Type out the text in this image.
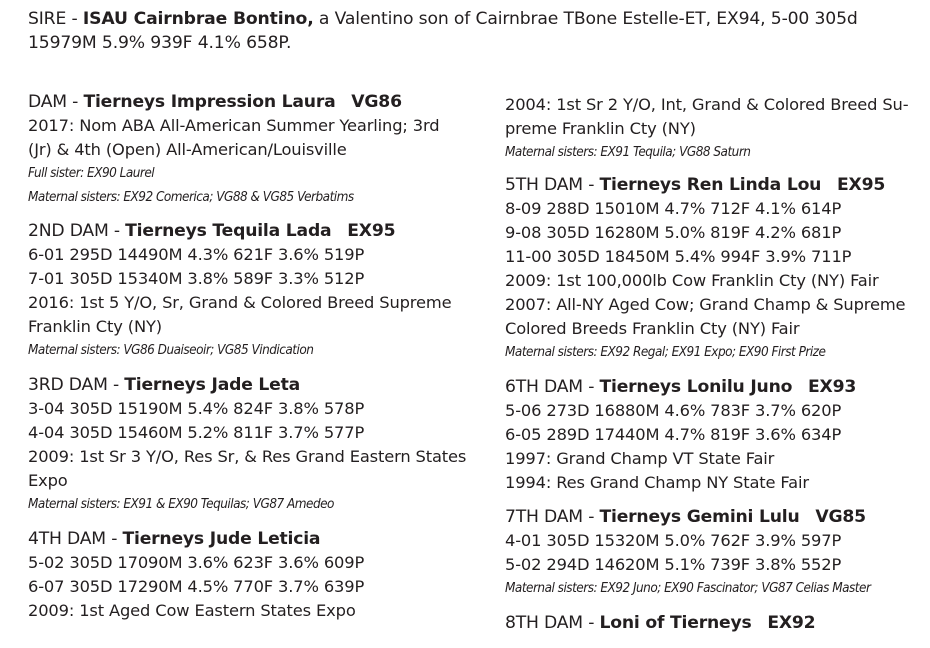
SIRE - ISAU Cairnbrae Bontino, a Valentino son of Cairnbrae TBone Estelle-ET, EX94, 5-00 305d
15979M 5.9% 939F 4.1% 658P.
DAM - Tierneys Impression Laura VG86
2017: Nom ABA All-American Summer Yearling; 3rd
(Jr) & 4th (Open) All-American/Louisville
Full sister: EX90 Laurel
Maternal sisters: EX92 Comerica; VG88 & VG85 Verbatims
2ND DAM - Tierneys Tequila Lada EX95
6-01 295D 14490M 4.3% 621F 3.6% 519P
7-01 305D 15340M 3.8% 589F 3.3% 512P
2016: 1st 5 Y/O, Sr, Grand & Colored Breed Supreme
Franklin Cty (NY)
Maternal sisters: VG86 Duaiseoir; VG85 Vindication
3RD DAM - Tierneys Jade Leta
3-04 305D 15190M 5.4% 824F 3.8% 578P
4-04 305D 15460M 5.2% 811F 3.7% 577P
2009: 1st Sr 3 Y/O, Res Sr, & Res Grand Eastern States
Expo
Maternal sisters: EX91 & EX90 Tequilas; VG87 Amedeo
4TH DAM - Tierneys Jude Leticia
5-02 305D 17090M 3.6% 623F 3.6% 609P
6-07 305D 17290M 4.5% 770F 3.7% 639P
2009: 1st Aged Cow Eastern States Expo
2004: 1st Sr 2 Y/O, Int, Grand & Colored Breed Su-
preme Franklin Cty (NY)
Maternal sisters: EX91 Tequila; VG88 Saturn
5TH DAM - Tierneys Ren Linda Lou EX95
8-09 288D 15010M 4.7% 712F 4.1% 614P
9-08 305D 16280M 5.0% 819F 4.2% 681P
11-00 305D 18450M 5.4% 994F 3.9% 711P
2009: 1st 100,000lb Cow Franklin Cty (NY) Fair
2007: All-NY Aged Cow; Grand Champ & Supreme
Colored Breeds Franklin Cty (NY) Fair
Maternal sisters: EX92 Regal; EX91 Expo; EX90 First Prize
6TH DAM - Tierneys Lonilu Juno EX93
5-06 273D 16880M 4.6% 783F 3.7% 620P
6-05 289D 17440M 4.7% 819F 3.6% 634P
1997: Grand Champ VT State Fair
1994: Res Grand Champ NY State Fair
7TH DAM - Tierneys Gemini Lulu VG85
4-01 305D 15320M 5.0% 762F 3.9% 597P
5-02 294D 14620M 5.1% 739F 3.8% 552P
Maternal sisters: EX92 Juno; EX90 Fascinator; VG87 Celias Master
8TH DAM - Loni of Tierneys EX92
